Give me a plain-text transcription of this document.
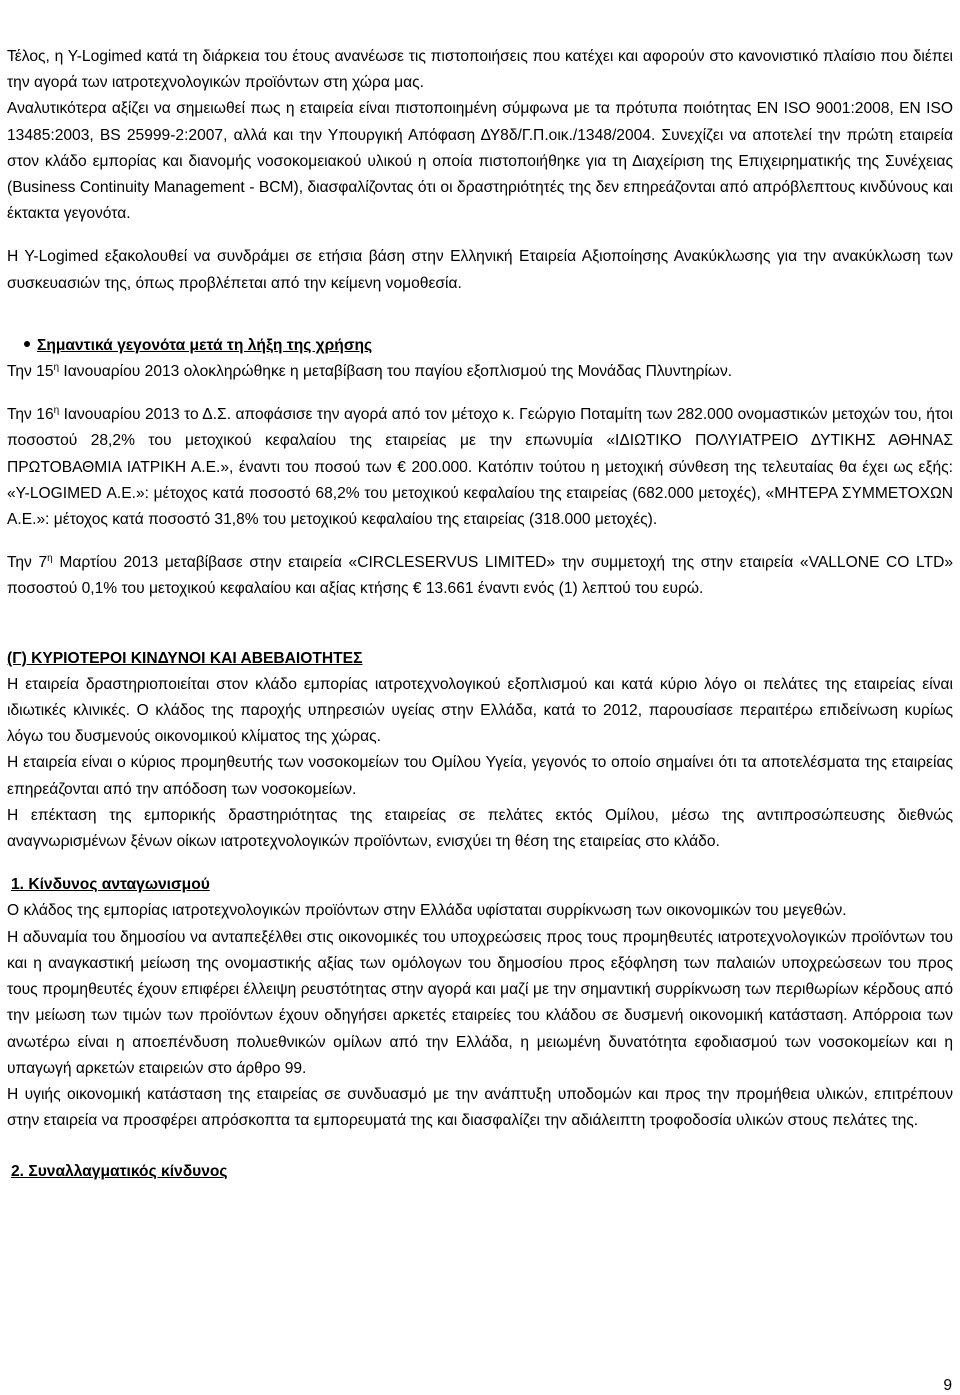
Τέλος, η Υ-Logimed κατά τη διάρκεια του έτους ανανέωσε τις πιστοποιήσεις που κατέχει και αφορούν στο κανονιστικό πλαίσιο που διέπει την αγορά των ιατροτεχνολογικών προϊόντων στη χώρα μας.

Αναλυτικότερα αξίζει να σημειωθεί πως η εταιρεία είναι πιστοποιημένη σύμφωνα με τα πρότυπα ποιότητας EN ISO 9001:2008, EN ISO 13485:2003, BS 25999-2:2007, αλλά και την Υπουργική Απόφαση ΔΥ8δ/Γ.Π.οικ./1348/2004. Συνεχίζει να αποτελεί την πρώτη εταιρεία στον κλάδο εμπορίας και διανομής νοσοκομειακού υλικού η οποία πιστοποιήθηκε για τη Διαχείριση της Επιχειρηματικής της Συνέχειας (Business Continuity Management - BCM), διασφαλίζοντας ότι οι δραστηριότητές της δεν επηρεάζονται από απρόβλεπτους κινδύνους και έκτακτα γεγονότα.

Η Υ-Logimed εξακολουθεί να συνδράμει σε ετήσια βάση στην Ελληνική Εταιρεία Αξιοποίησης Ανακύκλωσης για την ανακύκλωση των συσκευασιών της, όπως προβλέπεται από την κείμενη νομοθεσία.

Σημαντικά γεγονότα μετά τη λήξη της χρήσης

Την $15^\eta$ Ιανουαρίου 2013 ολοκληρώθηκε η μεταβίβαση του παγίου εξοπλισμού της Μονάδας Πλυντηρίων.

Την $16^\eta$ Ιανουαρίου 2013 το Δ.Σ. αποφάσισε την αγορά από τον μέτοχο κ. Γεώργιο Ποταμίτη των 282.000 ονομαστικών μετοχών του, ήτοι ποσοστού 28,2% του μετοχικού κεφαλαίου της εταιρείας με την επωνυμία «ΙΔΙΩΤΙΚΟ ΠΟΛΥΙΑΤΡΕΙΟ ΔΥΤΙΚΗΣ ΑΘΗΝΑΣ ΠΡΩΤΟΒΑΘΜΙΑ ΙΑΤΡΙΚΗ Α.Ε.», έναντι του ποσού των € 200.000. Κατόπιν τούτου η μετοχική σύνθεση της τελευταίας θα έχει ως εξής: «Υ-LOGIMED Α.Ε.»: μέτοχος κατά ποσοστό 68,2% του μετοχικού κεφαλαίου της εταιρείας (682.000 μετοχές), «ΜΗΤΕΡΑ ΣΥΜΜΕΤΟΧΩΝ Α.Ε.»: μέτοχος κατά ποσοστό 31,8% του μετοχικού κεφαλαίου της εταιρείας (318.000 μετοχές).

Την $7^\eta$ Μαρτίου 2013 μεταβίβασε στην εταιρεία «CIRCLESERVUS LIMITED» την συμμετοχή της στην εταιρεία «VALLONE CO LTD» ποσοστού 0,1% του μετοχικού κεφαλαίου και αξίας κτήσης € 13.661 έναντι ενός (1) λεπτού του ευρώ.

(Γ) ΚΥΡΙΟΤΕΡΟΙ ΚΙΝΔΥΝΟΙ ΚΑΙ ΑΒΕΒΑΙΟΤΗΤΕΣ

Η εταιρεία δραστηριοποιείται στον κλάδο εμπορίας ιατροτεχνολογικού εξοπλισμού και κατά κύριο λόγο οι πελάτες της εταιρείας είναι ιδιωτικές κλινικές. Ο κλάδος της παροχής υπηρεσιών υγείας στην Ελλάδα, κατά το 2012, παρουσίασε περαιτέρω επιδείνωση κυρίως λόγω του δυσμενούς οικονομικού κλίματος της χώρας.

Η εταιρεία είναι ο κύριος προμηθευτής των νοσοκομείων του Ομίλου Υγεία, γεγονός το οποίο σημαίνει ότι τα αποτελέσματα της εταιρείας επηρεάζονται από την απόδοση των νοσοκομείων.

Η επέκταση της εμπορικής δραστηριότητας της εταιρείας σε πελάτες εκτός Ομίλου, μέσω της αντιπροσώπευσης διεθνώς αναγνωρισμένων ξένων οίκων ιατροτεχνολογικών προϊόντων, ενισχύει τη θέση της εταιρείας στο κλάδο.

1. Κίνδυνος ανταγωνισμού

Ο κλάδος της εμπορίας ιατροτεχνολογικών προϊόντων στην Ελλάδα υφίσταται συρρίκνωση των οικονομικών του μεγεθών.

Η αδυναμία του δημοσίου να ανταπεξέλθει στις οικονομικές του υποχρεώσεις προς τους προμηθευτές ιατροτεχνολογικών προϊόντων του και η αναγκαστική μείωση της ονομαστικής αξίας των ομόλογων του δημοσίου προς εξόφληση των παλαιών υποχρεώσεων του προς τους προμηθευτές έχουν επιφέρει έλλειψη ρευστότητας στην αγορά και μαζί με την σημαντική συρρίκνωση των περιθωρίων κέρδους από την μείωση των τιμών των προϊόντων έχουν οδηγήσει αρκετές εταιρείες του κλάδου σε δυσμενή οικονομική κατάσταση. Απόρροια των ανωτέρω είναι η αποεπένδυση πολυεθνικών ομίλων από την Ελλάδα, η μειωμένη δυνατότητα εφοδιασμού των νοσοκομείων και η υπαγωγή αρκετών εταιρειών στο άρθρο 99.

Η υγιής οικονομική κατάσταση της εταιρείας σε συνδυασμό με την ανάπτυξη υποδομών και προς την προμήθεια υλικών, επιτρέπουν στην εταιρεία να προσφέρει απρόσκοπτα τα εμπορευματά της και διασφαλίζει την αδιάλειπτη τροφοδοσία υλικών στους πελάτες της.

2. Συναλλαγματικός κίνδυνος

9
